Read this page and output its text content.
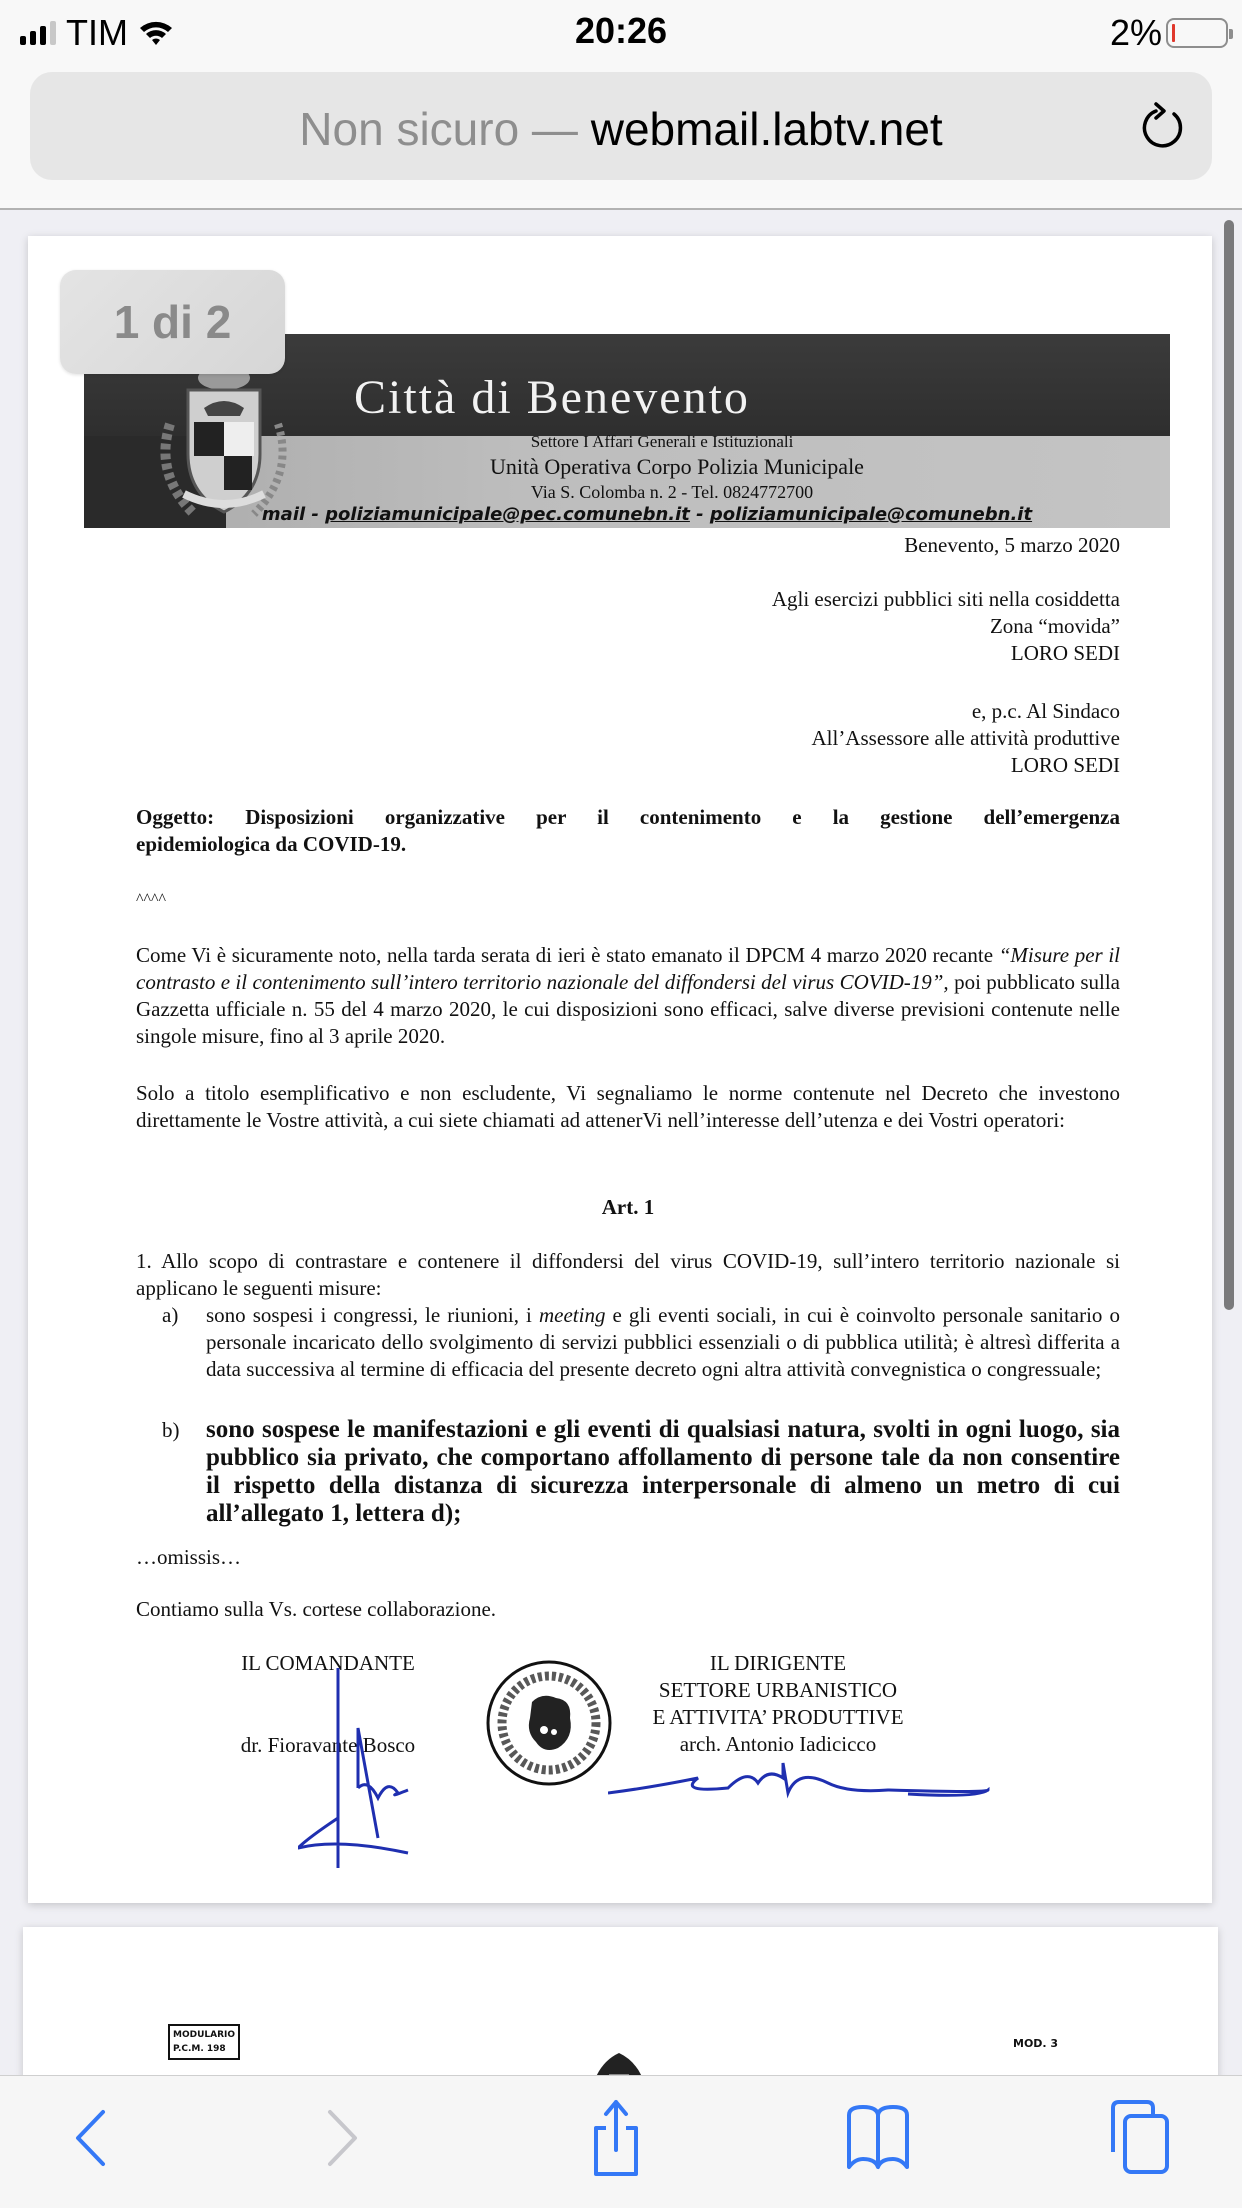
TIM	20:26	2%
Non sicuro — webmail.labtv.net
1 di 2
Città di Benevento
Settore I Affari Generali e Istituzionali
Unità Operativa Corpo Polizia Municipale
Via S. Colomba n. 2 - Tel. 0824772700
mail - poliziamunicipale@pec.comunebn.it - poliziamunicipale@comunebn.it
Benevento, 5 marzo 2020
Agli esercizi pubblici siti nella cosiddetta
Zona “movida”
LORO SEDI
e, p.c. Al Sindaco
All’Assessore alle attività produttive
LORO SEDI
Oggetto: Disposizioni organizzative per il contenimento e la gestione dell’emergenza
epidemiologica da COVID-19.
^^^^
Come Vi è sicuramente noto, nella tarda serata di ieri è stato emanato il DPCM 4 marzo 2020 recante “Misure per il contrasto e il contenimento sull’intero territorio nazionale del diffondersi del virus COVID-19”, poi pubblicato sulla Gazzetta ufficiale n. 55 del 4 marzo 2020, le cui disposizioni sono efficaci, salve diverse previsioni contenute nelle singole misure, fino al 3 aprile 2020.
Solo a titolo esemplificativo e non escludente, Vi segnaliamo le norme contenute nel Decreto che investono direttamente le Vostre attività, a cui siete chiamati ad attenerVi nell’interesse dell’utenza e dei Vostri operatori:
Art. 1
1. Allo scopo di contrastare e contenere il diffondersi del virus COVID-19, sull’intero territorio nazionale si applicano le seguenti misure:
a)	sono sospesi i congressi, le riunioni, i meeting e gli eventi sociali, in cui è coinvolto personale sanitario o personale incaricato dello svolgimento di servizi pubblici essenziali o di pubblica utilità; è altresì differita a data successiva al termine di efficacia del presente decreto ogni altra attività convegnistica o congressuale;
b)	sono sospese le manifestazioni e gli eventi di qualsiasi natura, svolti in ogni luogo, sia pubblico sia privato, che comportano affollamento di persone tale da non consentire il rispetto della distanza di sicurezza interpersonale di almeno un metro di cui all’allegato 1, lettera d);
…omissis…
Contiamo sulla Vs. cortese collaborazione.
IL COMANDANTE
dr. Fioravante Bosco
IL DIRIGENTE
SETTORE URBANISTICO
E ATTIVITA’ PRODUTTIVE
arch. Antonio Iadicicco
MODULARIO
P.C.M. 198	MOD. 3
